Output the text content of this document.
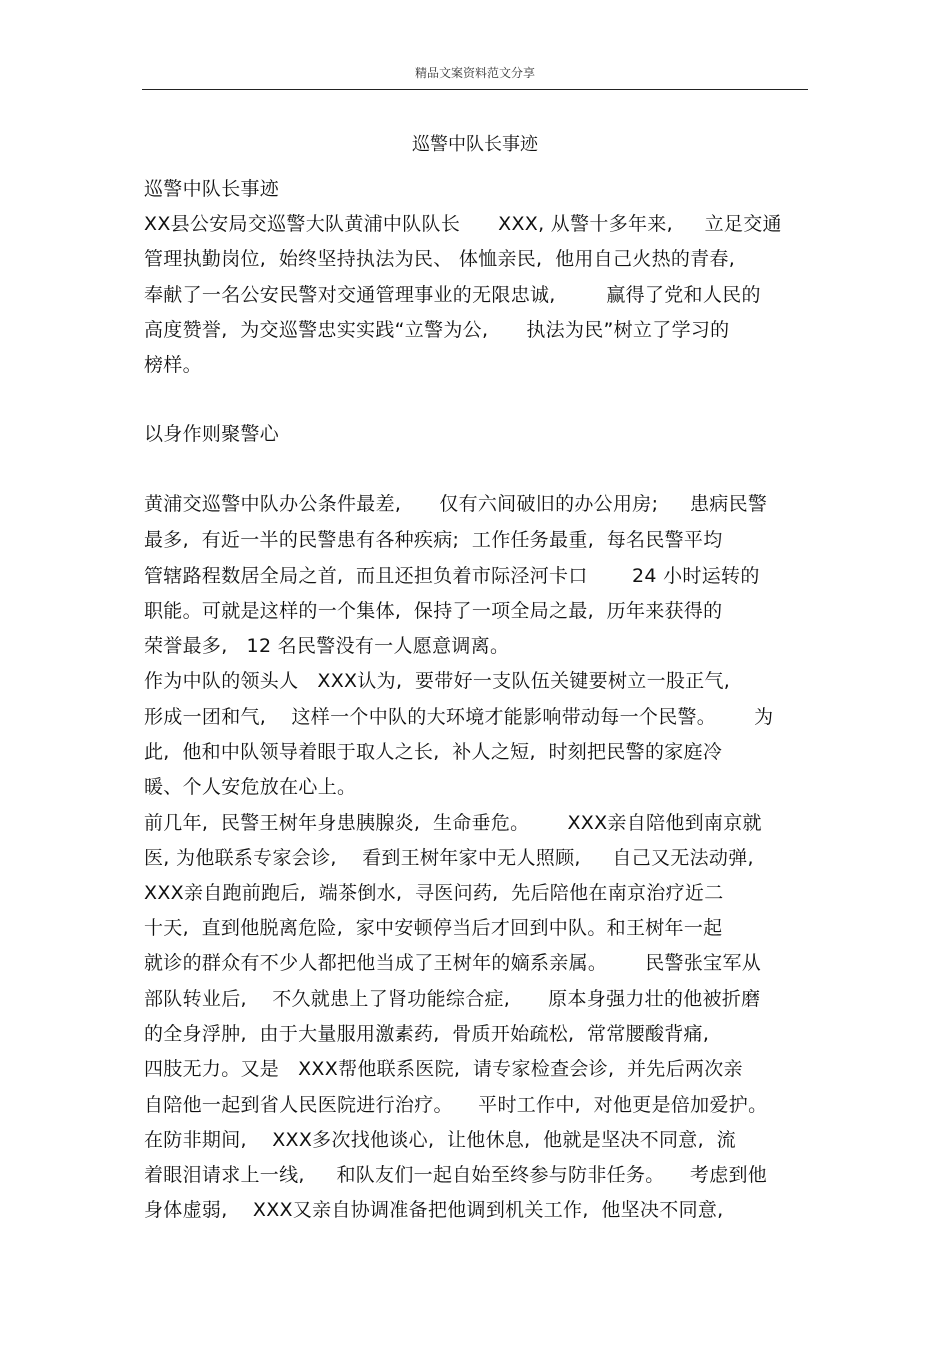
精品文案资料范文分享
巡警中队长事迹
巡警中队长事迹
XX县公安局交巡警大队黄浦中队队长      XXX, 从警十多年来,     立足交通
管理执勤岗位,  始终坚持执法为民、 体恤亲民,  他用自己火热的青春,
奉献了一名公安民警对交通管理事业的无限忠诚,        赢得了党和人民的
高度赞誉,  为交巡警忠实实践“立警为公,      执法为民”树立了学习的
榜样。
以身作则聚警心
黄浦交巡警中队办公条件最差,      仅有六间破旧的办公用房;     患病民警
最多,  有近一半的民警患有各种疾病;  工作任务最重,  每名民警平均
管辖路程数居全局之首,  而且还担负着市际泾河卡口       24 小时运转的
职能。可就是这样的一个集体,  保持了一项全局之最,  历年来获得的
荣誉最多,   12 名民警没有一人愿意调离。
作为中队的领头人   XXX认为,  要带好一支队伍关键要树立一股正气,
形成一团和气,    这样一个中队的大环境才能影响带动每一个民警。      为
此,  他和中队领导着眼于取人之长,  补人之短,  时刻把民警的家庭冷
暖、个人安危放在心上。
前几年,  民警王树年身患胰腺炎,  生命垂危。      XXX亲自陪他到南京就
医, 为他联系专家会诊,    看到王树年家中无人照顾,     自己又无法动弹,
XXX亲自跑前跑后,  端茶倒水,  寻医问药,  先后陪他在南京治疗近二
十天,  直到他脱离危险,  家中安顿停当后才回到中队。和王树年一起
就诊的群众有不少人都把他当成了王树年的嫡系亲属。      民警张宝军从
部队转业后,    不久就患上了肾功能综合症,      原本身强力壮的他被折磨
的全身浮肿,  由于大量服用激素药,  骨质开始疏松,  常常腰酸背痛,
四肢无力。又是   XXX帮他联系医院,  请专家检查会诊,  并先后两次亲
自陪他一起到省人民医院进行治疗。    平时工作中,  对他更是倍加爱护。
在防非期间,    XXX多次找他谈心,  让他休息,  他就是坚决不同意,  流
着眼泪请求上一线,     和队友们一起自始至终参与防非任务。    考虑到他
身体虚弱,    XXX又亲自协调准备把他调到机关工作,  他坚决不同意,
